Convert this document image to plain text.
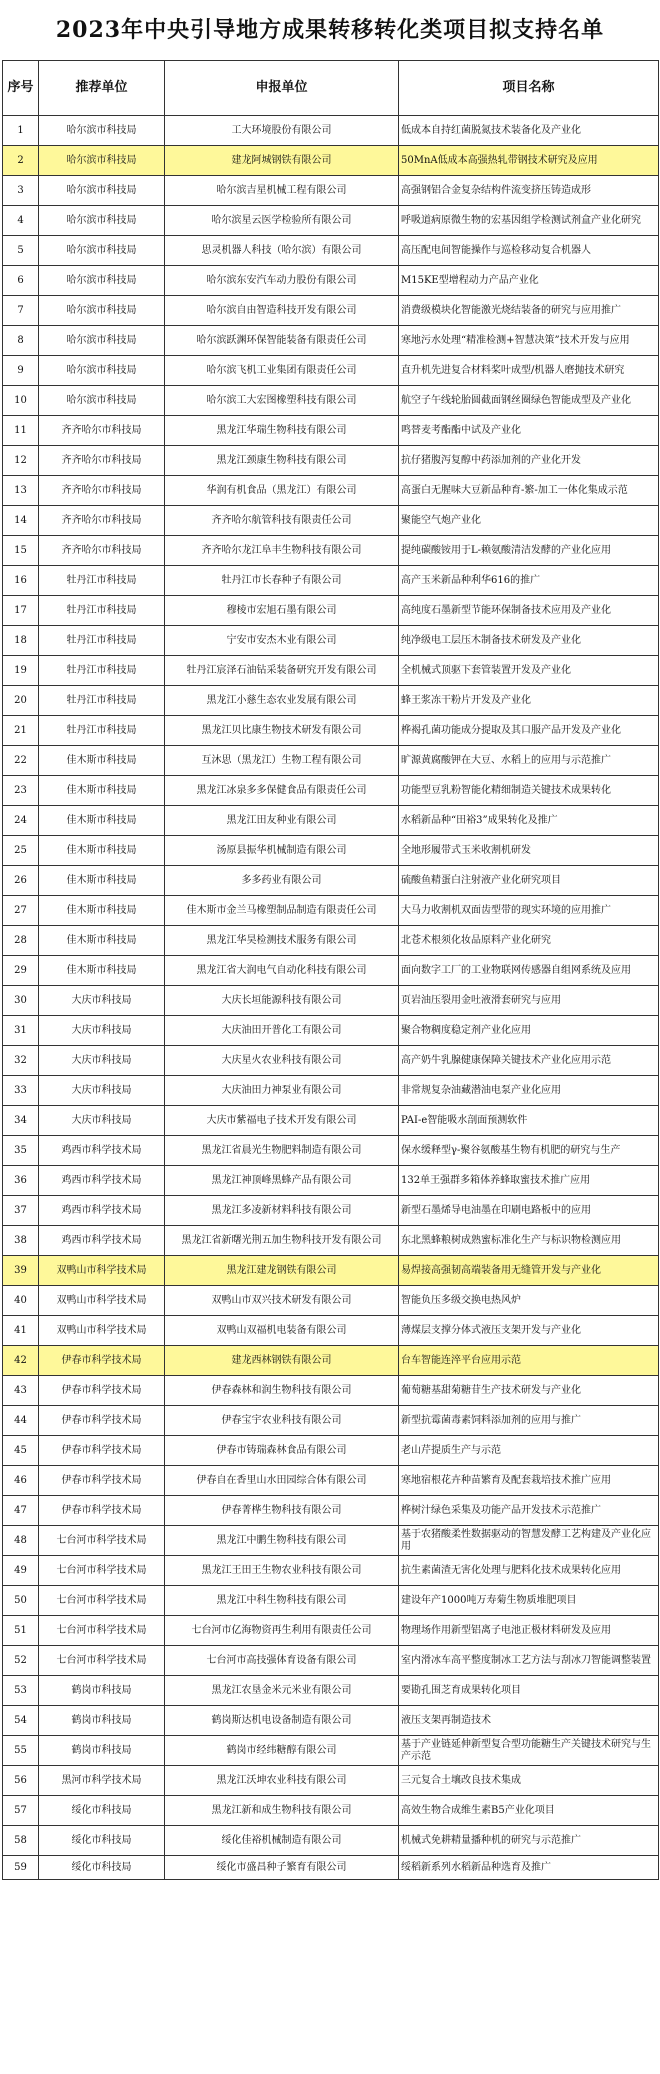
2023年中央引导地方成果转移转化类项目拟支持名单
序号	推荐单位	申报单位	项目名称
1	哈尔滨市科技局	工大环境股份有限公司	低成本自持红菌脱氮技术装备化及产业化
2	哈尔滨市科技局	建龙阿城钢铁有限公司	50MnA低成本高强热轧带钢技术研究及应用
3	哈尔滨市科技局	哈尔滨吉星机械工程有限公司	高强钢铝合金复杂结构件流变挤压铸造成形
4	哈尔滨市科技局	哈尔滨星云医学检验所有限公司	呼吸道病原微生物的宏基因组学检测试剂盒产业化研究
5	哈尔滨市科技局	思灵机器人科技（哈尔滨）有限公司	高压配电间智能操作与巡检移动复合机器人
6	哈尔滨市科技局	哈尔滨东安汽车动力股份有限公司	M15KE型增程动力产品产业化
7	哈尔滨市科技局	哈尔滨自由智造科技开发有限公司	消费级模块化智能激光烧结装备的研究与应用推广
8	哈尔滨市科技局	哈尔滨跃渊环保智能装备有限责任公司	寒地污水处理“精准检测+智慧决策”技术开发与应用
9	哈尔滨市科技局	哈尔滨飞机工业集团有限责任公司	直升机先进复合材料桨叶成型/机器人磨抛技术研究
10	哈尔滨市科技局	哈尔滨工大宏图橡塑科技有限公司	航空子午线轮胎圆截面钢丝圈绿色智能成型及产业化
11	齐齐哈尔市科技局	黑龙江华瑞生物科技有限公司	鸣替麦考酯酯中试及产业化
12	齐齐哈尔市科技局	黑龙江颈康生物科技有限公司	抗仔猪腹泻复醇中药添加剂的产业化开发
13	齐齐哈尔市科技局	华润有机食品（黑龙江）有限公司	高蛋白无腥味大豆新品种育-繁-加工一体化集成示范
14	齐齐哈尔市科技局	齐齐哈尔航管科技有限责任公司	聚能空气炮产业化
15	齐齐哈尔市科技局	齐齐哈尔龙江阜丰生物科技有限公司	提纯碳酸铵用于L-赖氨酸清洁发酵的产业化应用
16	牡丹江市科技局	牡丹江市长春种子有限公司	高产玉米新品种利华616的推广
17	牡丹江市科技局	穆棱市宏旭石墨有限公司	高纯度石墨新型节能环保制备技术应用及产业化
18	牡丹江市科技局	宁安市安杰木业有限公司	纯净级电工层压木制备技术研发及产业化
19	牡丹江市科技局	牡丹江宸泽石油钻采装备研究开发有限公司	全机械式顶驱下套管装置开发及产业化
20	牡丹江市科技局	黑龙江小慈生态农业发展有限公司	蜂王浆冻干粉片开发及产业化
21	牡丹江市科技局	黑龙江贝比康生物技术研发有限公司	桦褐孔菌功能成分提取及其口服产品开发及产业化
22	佳木斯市科技局	互沐思（黑龙江）生物工程有限公司	旷源黄腐酸钾在大豆、水稻上的应用与示范推广
23	佳木斯市科技局	黑龙江冰泉多多保健食品有限责任公司	功能型豆乳粉智能化精细制造关键技术成果转化
24	佳木斯市科技局	黑龙江田友种业有限公司	水稻新品种“田裕3”成果转化及推广
25	佳木斯市科技局	汤原县振华机械制造有限公司	全地形履带式玉米收割机研发
26	佳木斯市科技局	多多药业有限公司	硫酸鱼精蛋白注射液产业化研究项目
27	佳木斯市科技局	佳木斯市金兰马橡塑制品制造有限责任公司	大马力收割机双面齿型带的现实环境的应用推广
28	佳木斯市科技局	黑龙江华昊检测技术服务有限公司	北苍术根须化妆品原料产业化研究
29	佳木斯市科技局	黑龙江省大润电气自动化科技有限公司	面向数字工厂的工业物联网传感器自组网系统及应用
30	大庆市科技局	大庆长垣能源科技有限公司	页岩油压裂用金吐液滑套研究与应用
31	大庆市科技局	大庆油田开普化工有限公司	聚合物稠度稳定剂产业化应用
32	大庆市科技局	大庆星火农业科技有限公司	高产奶牛乳腺健康保障关键技术产业化应用示范
33	大庆市科技局	大庆油田力神泵业有限公司	非常规复杂油藏潜油电泵产业化应用
34	大庆市科技局	大庆市紫福电子技术开发有限公司	PAI-e智能吸水剖面预测软件
35	鸡西市科学技术局	黑龙江省晨光生物肥料制造有限公司	保水缓释型γ-聚谷氨酸基生物有机肥的研究与生产
36	鸡西市科学技术局	黑龙江神顶峰黑蜂产品有限公司	132单王强群多箱体养蜂取蜜技术推广应用
37	鸡西市科学技术局	黑龙江多凌新材料科技有限公司	新型石墨烯导电油墨在印刷电路板中的应用
38	鸡西市科学技术局	黑龙江省新曙光荆五加生物科技开发有限公司	东北黑蜂粮树成熟蜜标准化生产与标识物检测应用
39	双鸭山市科学技术局	黑龙江建龙钢铁有限公司	易焊接高强韧高端装备用无缝管开发与产业化
40	双鸭山市科学技术局	双鸭山市双兴技术研发有限公司	智能负压多级交换电热风炉
41	双鸭山市科学技术局	双鸭山双福机电装备有限公司	薄煤层支撑分体式液压支架开发与产业化
42	伊春市科学技术局	建龙西林钢铁有限公司	台车智能连淬平台应用示范
43	伊春市科学技术局	伊春森林和润生物科技有限公司	葡萄糖基甜菊糖苷生产技术研发与产业化
44	伊春市科学技术局	伊春宝宇农业科技有限公司	新型抗霉菌毒素饲料添加剂的应用与推广
45	伊春市科学技术局	伊春市铸瑞森林食品有限公司	老山芹提质生产与示范
46	伊春市科学技术局	伊春自在香里山水田园综合体有限公司	寒地宿根花卉种苗繁育及配套栽培技术推广应用
47	伊春市科学技术局	伊春菁桦生物科技有限公司	桦树汁绿色采集及功能产品开发技术示范推广
48	七台河市科学技术局	黑龙江中鹏生物科技有限公司	基于农猪酸柔性数据驱动的智慧发酵工艺构建及产业化应用
49	七台河市科学技术局	黑龙江王田王生物农业科技有限公司	抗生素菌渣无害化处理与肥料化技术成果转化应用
50	七台河市科学技术局	黑龙江中科生物科技有限公司	建设年产1000吨万寿菊生物质堆肥项目
51	七台河市科学技术局	七台河市亿海物资再生利用有限责任公司	物理场作用新型铝离子电池正极材料研发及应用
52	七台河市科学技术局	七台河市高技强体育设备有限公司	室内滑冰车高平整度制冰工艺方法与刮冰刀智能调整装置
53	鹤岗市科技局	黑龙江农垦金米元米业有限公司	要勘孔围芝育成果转化项目
54	鹤岗市科技局	鹤岗斯达机电设备制造有限公司	液压支架再制造技术
55	鹤岗市科技局	鹤岗市经纬糖醇有限公司	基于产业链延伸新型复合型功能糖生产关键技术研究与生产示范
56	黑河市科学技术局	黑龙江沃坤农业科技有限公司	三元复合土壤改良技术集成
57	绥化市科技局	黑龙江新和成生物科技有限公司	高效生物合成维生素B5产业化项目
58	绥化市科技局	绥化佳裕机械制造有限公司	机械式免耕精量播种机的研究与示范推广
59	绥化市科技局	绥化市盛昌种子繁育有限公司	绥稻新系列水稻新品种选育及推广
